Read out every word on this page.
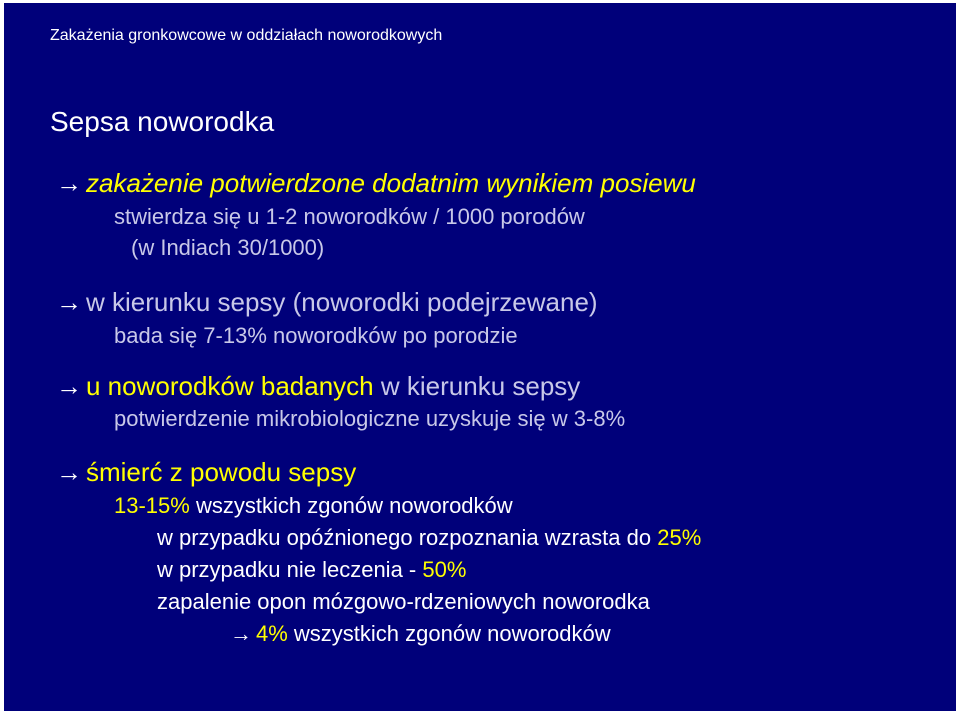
Zakażenia gronkowcowe w oddziałach noworodkowych
Sepsa noworodka
→ zakażenie potwierdzone dodatnim wynikiem posiewu
stwierdza się u 1-2 noworodków / 1000 porodów
(w Indiach 30/1000)
→ w kierunku sepsy (noworodki podejrzewane)
bada się 7-13% noworodków po porodzie
→ u noworodków badanych w kierunku sepsy
potwierdzenie mikrobiologiczne uzyskuje się w 3-8%
→ śmierć z powodu sepsy
13-15% wszystkich zgonów noworodków
w przypadku opóźnionego rozpoznania wzrasta do 25%
w przypadku nie leczenia - 50%
zapalenie opon mózgowo-rdzeniowych noworodka
→ 4% wszystkich zgonów noworodków
